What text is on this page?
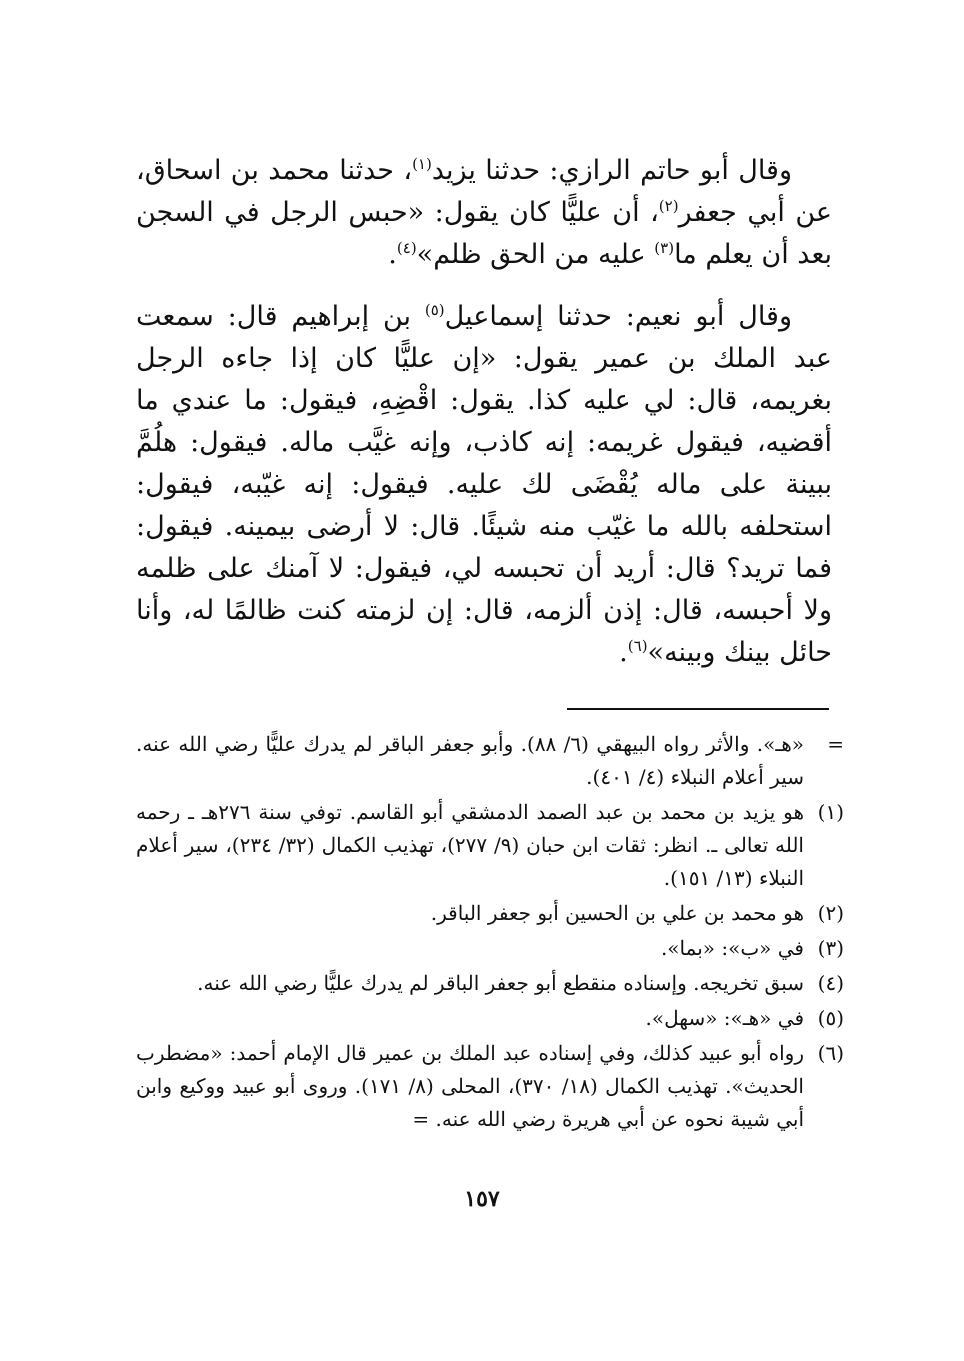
وقال أبو حاتم الرازي: حدثنا يزيد$^{(١)}$، حدثنا محمد بن اسحاق، عن أبي جعفر$^{(٢)}$، أن عليًّا كان يقول: «حبس الرجل في السجن بعد أن يعلم ما$^{(٣)}$ عليه من الحق ظلم»$^{(٤)}$.

وقال أبو نعيم: حدثنا إسماعيل$^{(٥)}$ بن إبراهيم قال: سمعت عبد الملك بن عمير يقول: «إن عليًّا كان إذا جاءه الرجل بغريمه، قال: لي عليه كذا. يقول: اقْضِهِ، فيقول: ما عندي ما أقضيه، فيقول غريمه: إنه كاذب، وإنه غيَّب ماله. فيقول: هلُمَّ ببينة على ماله يُقْضَى لك عليه. فيقول: إنه غيّبه، فيقول: استحلفه بالله ما غيّب منه شيئًا. قال: لا أرضى بيمينه. فيقول: فما تريد؟ قال: أريد أن تحبسه لي، فيقول: لا آمنك على ظلمه ولا أحبسه، قال: إذن ألزمه، قال: إن لزمته كنت ظالمًا له، وأنا حائل بينك وبينه»$^{(٦)}$.

=
«هـ». والأثر رواه البيهقي (٦/ ٨٨). وأبو جعفر الباقر لم يدرك عليًّا رضي الله عنه. سير أعلام النبلاء (٤/ ٤٠١).
(١)
هو يزيد بن محمد بن عبد الصمد الدمشقي أبو القاسم. توفي سنة ٢٧٦هـ ـ رحمه الله تعالى ـ. انظر: ثقات ابن حبان (٩/ ٢٧٧)، تهذيب الكمال (٣٢/ ٢٣٤)، سير أعلام النبلاء (١٣/ ١٥١).
(٢)
هو محمد بن علي بن الحسين أبو جعفر الباقر.
(٣)
في «ب»: «بما».
(٤)
سبق تخريجه. وإسناده منقطع أبو جعفر الباقر لم يدرك عليًّا رضي الله عنه.
(٥)
في «هـ»: «سهل».
(٦)
رواه أبو عبيد كذلك، وفي إسناده عبد الملك بن عمير قال الإمام أحمد: «مضطرب الحديث». تهذيب الكمال (١٨/ ٣٧٠)، المحلى (٨/ ١٧١). وروى أبو عبيد ووكيع وابن أبي شيبة نحوه عن أبي هريرة رضي الله عنه. =
١٥٧
